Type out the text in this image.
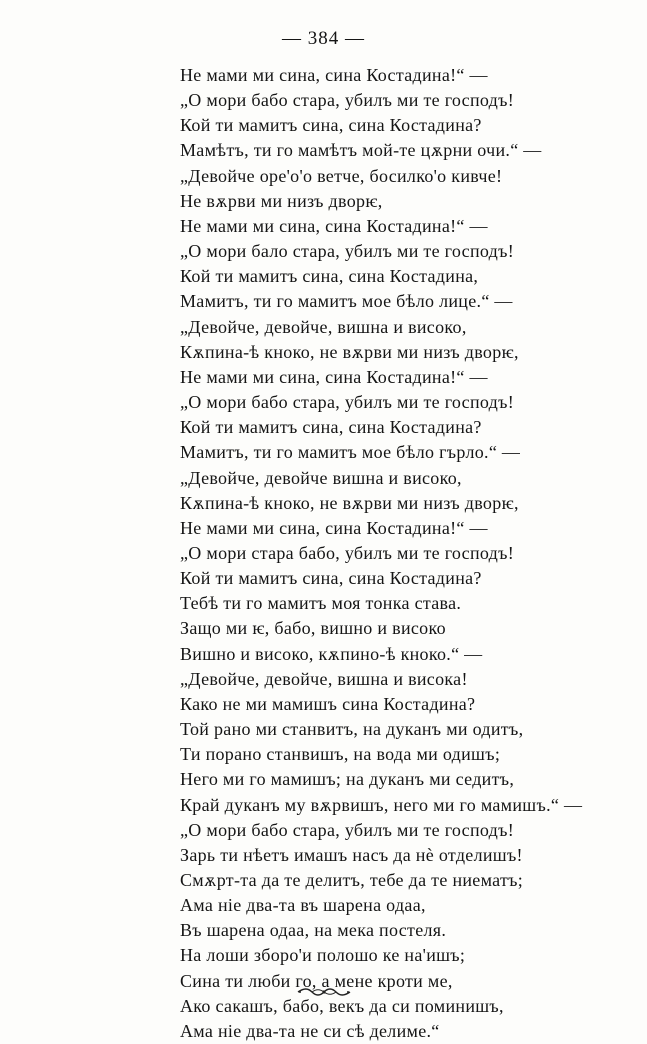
— 384 —
Не мами ми сина, сина Костадина!“ —
„О мори бабо стара, убилъ ми те господъ!
Кой ти мамитъ сина, сина Костадина?
Мамѣтъ, ти го мамѣтъ мой-те цѫрни очи.“ —
„Девойче оре'о'о ветче, босилко'о кивче!
Не вѫрви ми низъ дворѥ,
Не мами ми сина, сина Костадина!“ —
„О мори бало стара, убилъ ми те господъ!
Кой ти мамитъ сина, сина Костадина,
Мамитъ, ти го мамитъ мое бѣло лице.“ —
„Девойче, девойче, вишна и високо,
Кѫпина-ѣ кноко, не вѫрви ми низъ дворѥ,
Не мами ми сина, сина Костадина!“ —
„О мори бабо стара, убилъ ми те господъ!
Кой ти мамитъ сина, сина Костадина?
Мамитъ, ти го мамитъ мое бѣло гърло.“ —
„Девойче, девойче вишна и високо,
Кѫпина-ѣ кноко, не вѫрви ми низъ дворѥ,
Не мами ми сина, сина Костадина!“ —
„О мори стара бабо, убилъ ми те господъ!
Кой ти мамитъ сина, сина Костадина?
Тебѣ ти го мамитъ моя тонка става.
Защо ми ѥ, бабо, вишно и високо
Вишно и високо, кѫпино-ѣ кноко.“ —
„Девойче, девойче, вишна и висока!
Како не ми мамишъ сина Костадина?
Той рано ми станвитъ, на дуканъ ми одитъ,
Ти порано станвишъ, на вода ми одишъ;
Него ми го мамишъ; на дуканъ ми седитъ,
Край дуканъ му вѫрвишъ, него ми го мамишъ.“ —
„О мори бабо стара, убилъ ми те господъ!
Зарь ти нѣетъ имашъ насъ да нѐ отделишъ!
Смѫрт-та да те делитъ, тебе да те ниематъ;
Ама ніе два-та въ шарена одаа,
Въ шарена одаа, на мека постеля.
На лоши зборо'и полошо ке на'ишъ;
Сина ти люби го, а мене кроти ме,
Ако сакашъ, бабо, векъ да си поминишъ,
Ама ніе два-та не си сѣ делиме.“
